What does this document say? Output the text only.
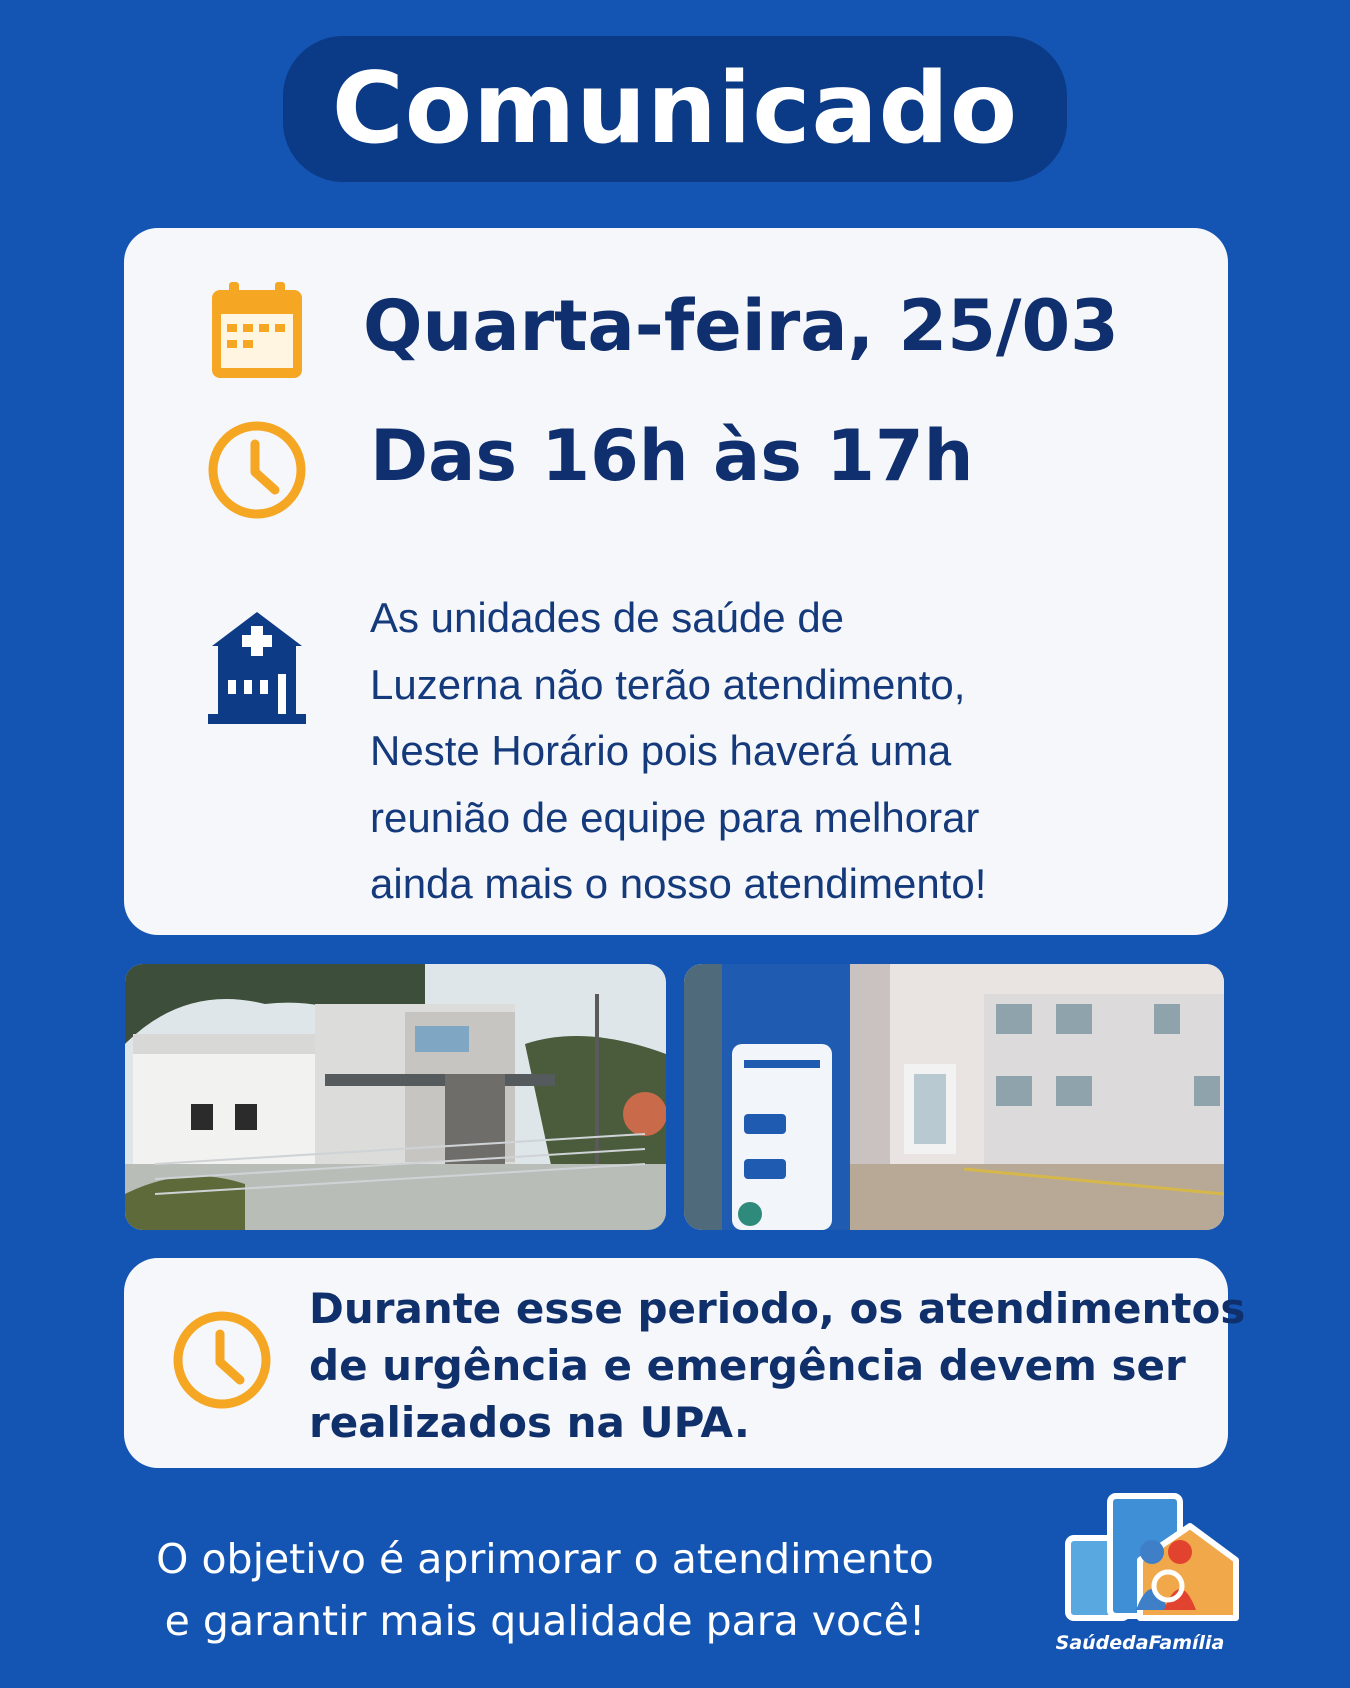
Comunicado
Quarta-feira, 25/03
Das 16h às 17h
As unidades de saúde de
Luzerna não terão atendimento,
Neste Horário pois haverá uma
reunião de equipe para melhorar
ainda mais o nosso atendimento!
Durante esse periodo, os atendimentos
de urgência e emergência devem ser
realizados na UPA.
O objetivo é aprimorar o atendimento
e garantir mais qualidade para você!	SaúdedaFamília
